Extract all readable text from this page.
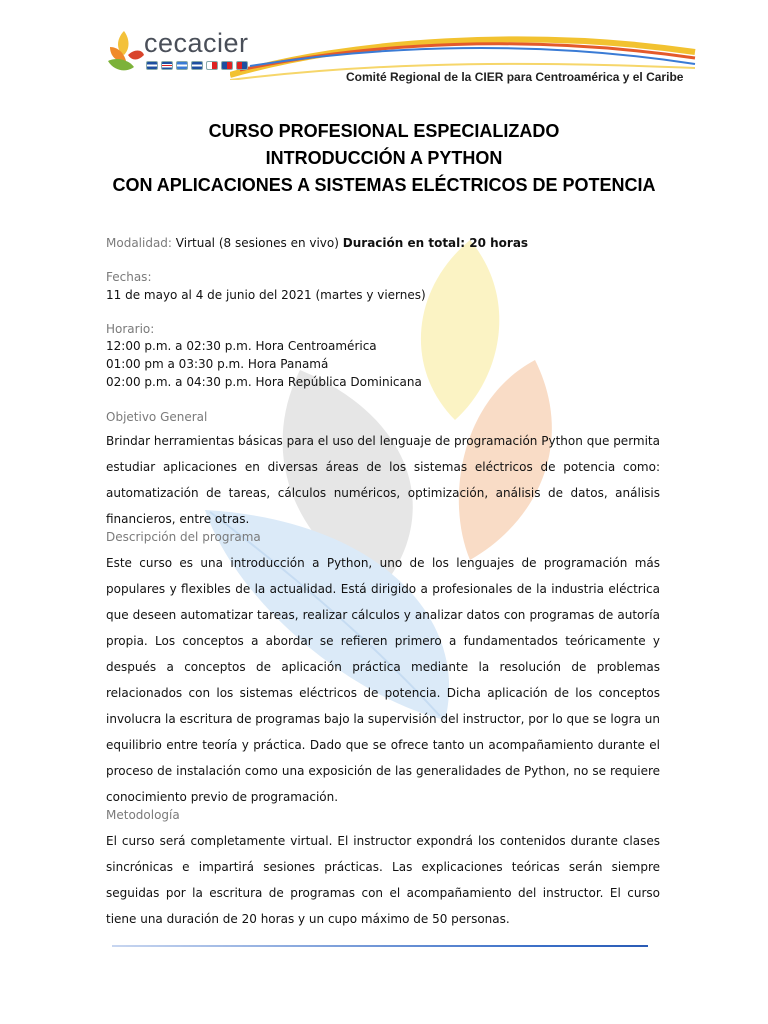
cecacier
Comité Regional de la CIER para Centroamérica y el Caribe
CURSO PROFESIONAL ESPECIALIZADO
INTRODUCCIÓN A PYTHON
CON APLICACIONES A SISTEMAS ELÉCTRICOS DE POTENCIA
Modalidad: Virtual (8 sesiones en vivo) Duración en total: 20 horas
Fechas:
11 de mayo al 4 de junio del 2021 (martes y viernes)
Horario:
12:00 p.m. a 02:30 p.m. Hora Centroamérica
01:00 pm a 03:30 p.m. Hora Panamá
02:00 p.m. a 04:30 p.m. Hora República Dominicana
Objetivo General
Brindar herramientas básicas para el uso del lenguaje de programación Python que permita estudiar aplicaciones en diversas áreas de los sistemas eléctricos de potencia como: automatización de tareas, cálculos numéricos, optimización, análisis de datos, análisis financieros, entre otras.
Descripción del programa
Este curso es una introducción a Python, uno de los lenguajes de programación más populares y flexibles de la actualidad. Está dirigido a profesionales de la industria eléctrica que deseen automatizar tareas, realizar cálculos y analizar datos con programas de autoría propia. Los conceptos a abordar se refieren primero a fundamentados teóricamente y después a conceptos de aplicación práctica mediante la resolución de problemas relacionados con los sistemas eléctricos de potencia. Dicha aplicación de los conceptos involucra la escritura de programas bajo la supervisión del instructor, por lo que se logra un equilibrio entre teoría y práctica. Dado que se ofrece tanto un acompañamiento durante el proceso de instalación como una exposición de las generalidades de Python, no se requiere conocimiento previo de programación.
Metodología
El curso será completamente virtual. El instructor expondrá los contenidos durante clases sincrónicas e impartirá sesiones prácticas. Las explicaciones teóricas serán siempre seguidas por la escritura de programas con el acompañamiento del instructor. El curso tiene una duración de 20 horas y un cupo máximo de 50 personas.
